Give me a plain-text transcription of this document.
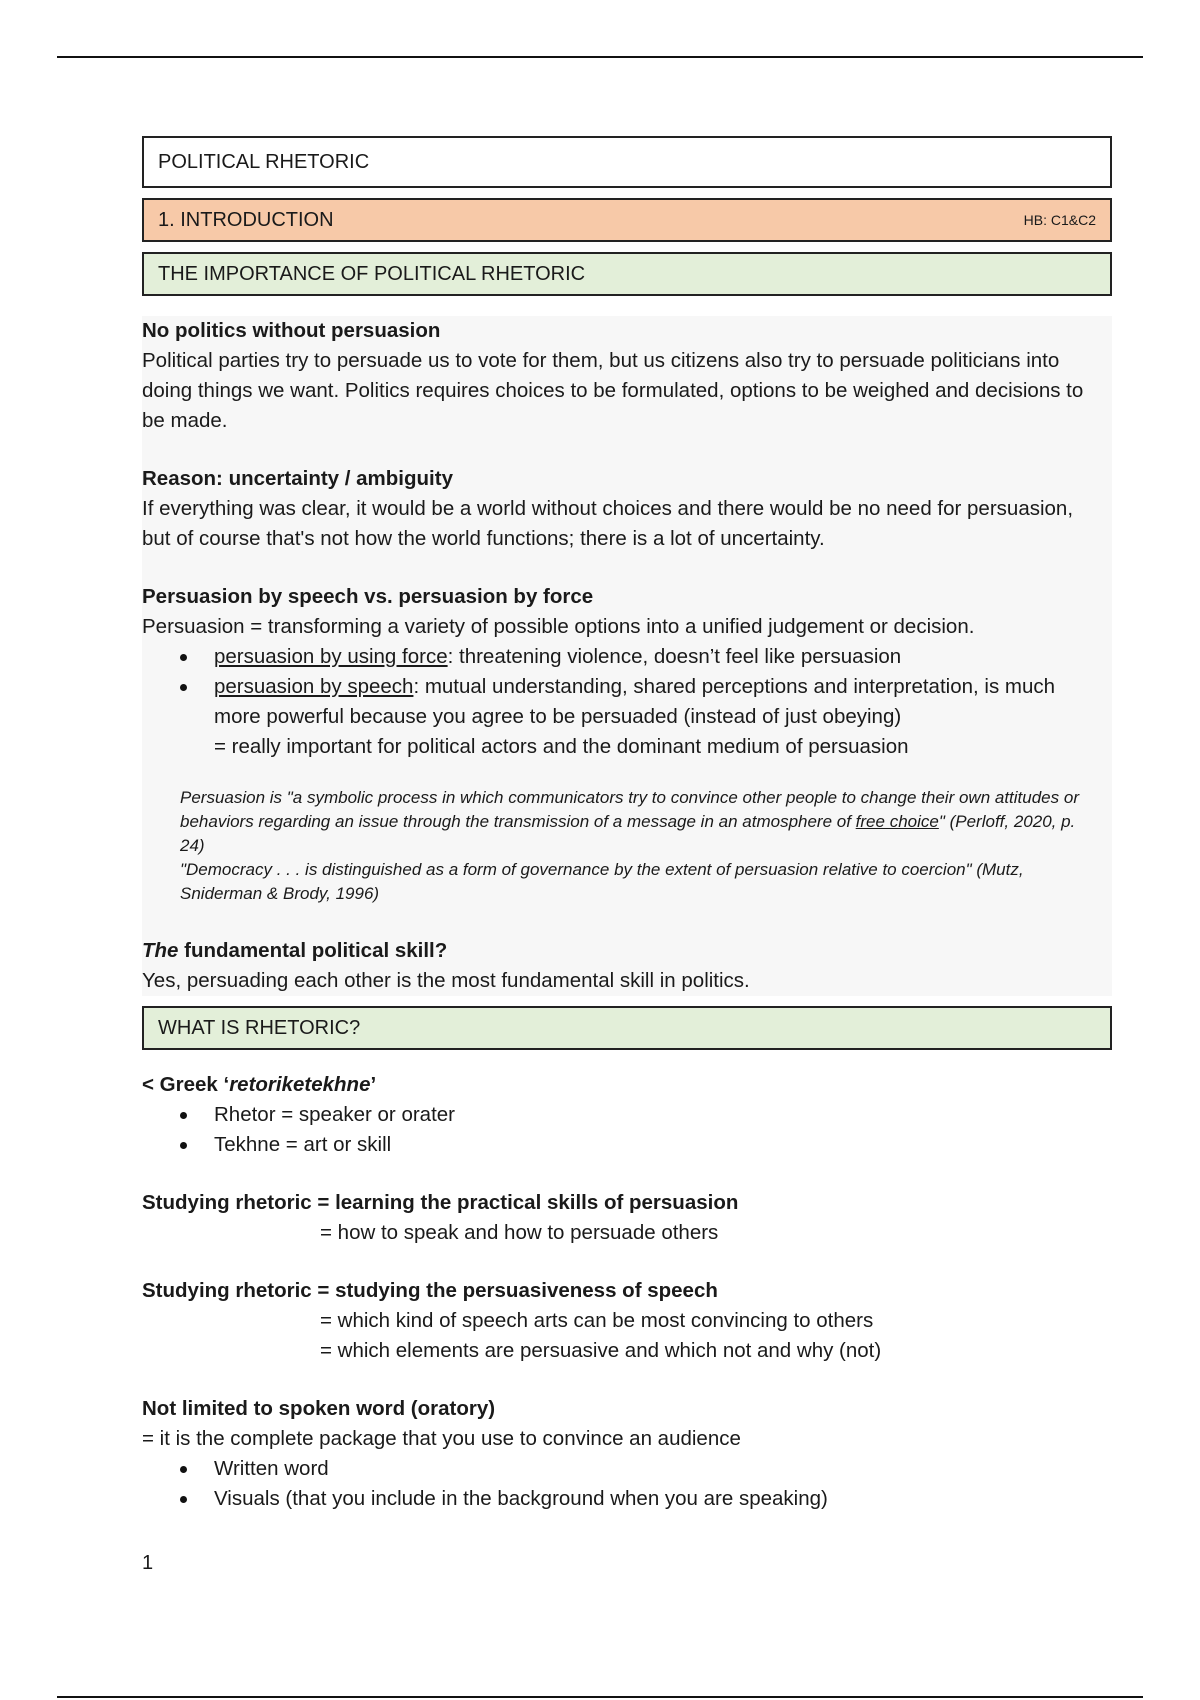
POLITICAL RHETORIC
1. INTRODUCTION	HB: C1&C2
THE IMPORTANCE OF POLITICAL RHETORIC
No politics without persuasion
Political parties try to persuade us to vote for them, but us citizens also try to persuade politicians into doing things we want. Politics requires choices to be formulated, options to be weighed and decisions to be made.
Reason: uncertainty / ambiguity
If everything was clear, it would be a world without choices and there would be no need for persuasion, but of course that's not how the world functions; there is a lot of uncertainty.
Persuasion by speech vs. persuasion by force
Persuasion = transforming a variety of possible options into a unified judgement or decision.
persuasion by using force: threatening violence, doesn’t feel like persuasion
persuasion by speech: mutual understanding, shared perceptions and interpretation, is much more powerful because you agree to be persuaded (instead of just obeying)
= really important for political actors and the dominant medium of persuasion
Persuasion is "a symbolic process in which communicators try to convince other people to change their own attitudes or behaviors regarding an issue through the transmission of a message in an atmosphere of free choice" (Perloff, 2020, p. 24)
"Democracy . . . is distinguished as a form of governance by the extent of persuasion relative to coercion" (Mutz, Sniderman & Brody, 1996)
The fundamental political skill?
Yes, persuading each other is the most fundamental skill in politics.
WHAT IS RHETORIC?
< Greek ‘retoriketekhne’
Rhetor = speaker or orater
Tekhne = art or skill
Studying rhetoric = learning the practical skills of persuasion
= how to speak and how to persuade others
Studying rhetoric = studying the persuasiveness of speech
= which kind of speech arts can be most convincing to others
= which elements are persuasive and which not and why (not)
Not limited to spoken word (oratory)
= it is the complete package that you use to convince an audience
Written word
Visuals (that you include in the background when you are speaking)
1
